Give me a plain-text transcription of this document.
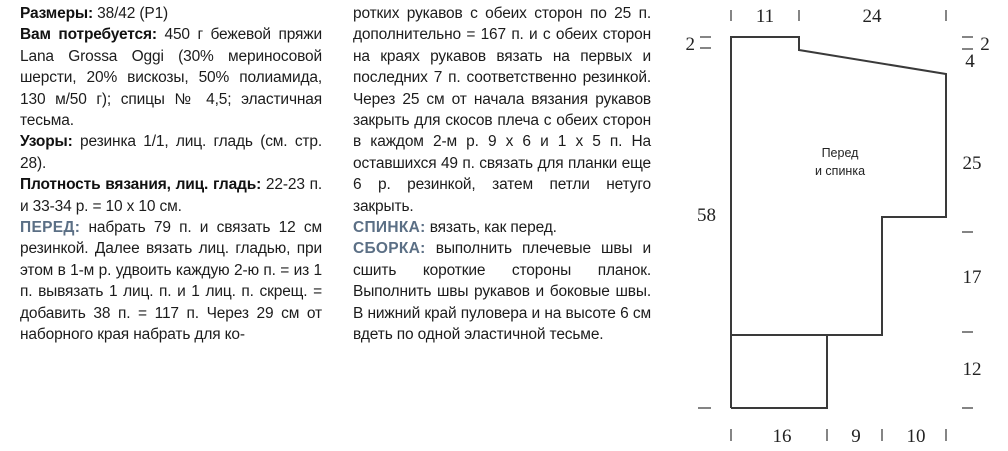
Размеры: 38/42 (Р1)

Вам потребуется: 450 г бежевой пряжи Lana Grossa Oggi (30% мериносовой шерсти, 20% вискозы, 50% полиамида, 130 м/50 г); спицы № 4,5; эластичная тесьма.

Узоры: резинка 1/1, лиц. гладь (см. стр. 28).

Плотность вязания, лиц. гладь: 22-23 п. и 33-34 р. = 10 х 10 см.

ПЕРЕД: набрать 79 п. и связать 12 см резинкой. Далее вязать лиц. гладью, при этом в 1-м р. удвоить каждую 2-ю п. = из 1 п. вывязать 1 лиц. п. и 1 лиц. п. скрещ. = добавить 38 п. = 117 п. Через 29 см от наборного края набрать для ко-

ротких рукавов с обеих сторон по 25 п. дополнительно = 167 п. и с обеих сторон на краях рукавов вязать на первых и последних 7 п. соответственно резинкой. Через 25 см от начала вязания рукавов закрыть для скосов плеча с обеих сторон в каждом 2-м р. 9 х 6 и 1 х 5 п. На оставшихся 49 п. связать для планки еще 6 р. резинкой, затем петли нетуго закрыть.

СПИНКА: вязать, как перед.

СБОРКА: выполнить плечевые швы и сшить короткие стороны планок. Выполнить швы рукавов и боковые швы. В нижний край пуловера и на высоте 6 см вдеть по одной эластичной тесьме.

Перед
и спинка
11	24
16	9 10
2
58
2
4
25
17
12
